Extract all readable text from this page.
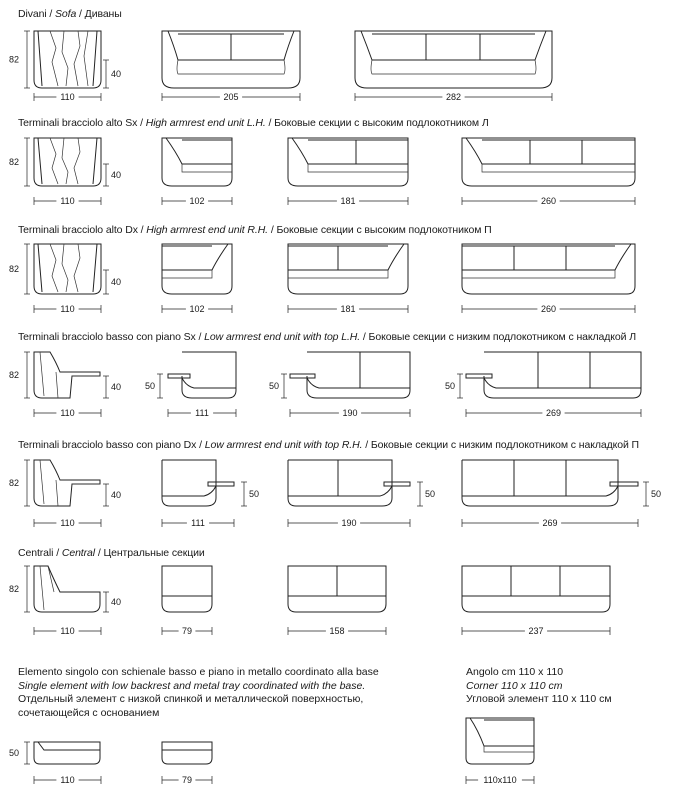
Divani / Sofa / Диваны
Terminali bracciolo alto Sx / High armrest end unit L.H. / Боковые секции с высоким подлокотником Л
Terminali bracciolo alto Dx / High armrest end unit R.H. / Боковые секции с высоким подлокотником П
Terminali bracciolo basso con piano Sx / Low armrest end unit with top L.H. / Боковые секции с низким подлокотником с накладкой Л
Terminali bracciolo basso con piano Dx / Low armrest end unit with top R.H. / Боковые секции с низким подлокотником с накладкой П
Centrali / Central / Центральные секции
Elemento singolo con schienale basso e piano in metallo coordinato alla base
Single element with low backrest and metal tray coordinated with the base.
Отдельный элемент с низкой спинкой и металлической поверхностью,
сочетающейся с основанием
Angolo cm 110 x 110
Corner 110 x 110 cm
Угловой элемент 110 x 110 см
82
40
110	205	282
82
40
110	102	181	260
82
40
110	102	181	260
82
40
110	111	190	269
82
40
110	111	190	269
82
40
110	79	158	237
50	50	50
50	50	50
50
110	79	110x110
